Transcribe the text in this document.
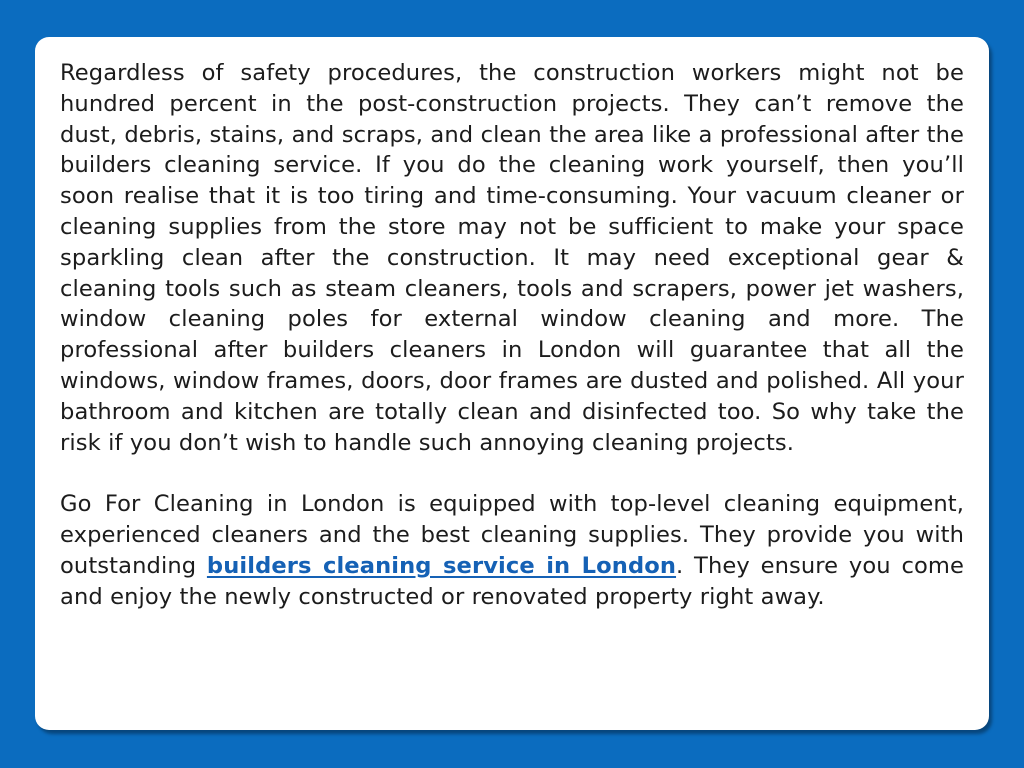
Regardless of safety procedures, the construction workers might not be hundred percent in the post-construction projects. They can’t remove the dust, debris, stains, and scraps, and clean the area like a professional after the builders cleaning service. If you do the cleaning work yourself, then you’ll soon realise that it is too tiring and time-consuming. Your vacuum cleaner or cleaning supplies from the store may not be sufficient to make your space sparkling clean after the construction. It may need exceptional gear & cleaning tools such as steam cleaners, tools and scrapers, power jet washers, window cleaning poles for external window cleaning and more. The professional after builders cleaners in London will guarantee that all the windows, window frames, doors, door frames are dusted and polished. All your bathroom and kitchen are totally clean and disinfected too. So why take the risk if you don’t wish to handle such annoying cleaning projects.

Go For Cleaning in London is equipped with top-level cleaning equipment, experienced cleaners and the best cleaning supplies. They provide you with outstanding builders cleaning service in London. They ensure you come and enjoy the newly constructed or renovated property right away.
